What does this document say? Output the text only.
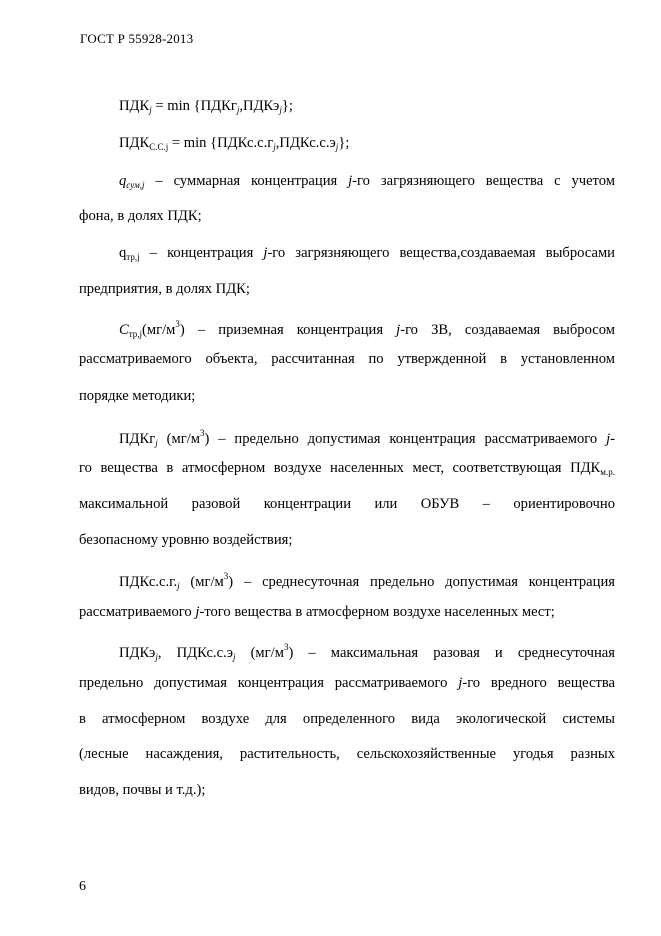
ГОСТ Р 55928-2013
$ПДК_j = \min$ {ПДКг$_j$,ПДКэ$_j$};
$ПДК_{С.С.j} = \min$ $\{ПДКс.с.г_j,ПДКс.с.э_j\}$;
$q_{сум,j}$ – суммарная концентрация j-го загрязняющего вещества с учетом
фона, в долях ПДК;
$q_{тр,j}$ – концентрация j-го загрязняющего вещества,создаваемая выбросами
предприятия, в долях ПДК;
$C_{тр,j}(мг/м^3)$ – приземная концентрация j-го ЗВ, создаваемая выбросом
рассматриваемого объекта, рассчитанная по утвержденной в установленном
порядке методики;
ПДКг$_j$ $(мг/м^3)$ – предельно допустимая концентрация рассматриваемого j-
го вещества в атмосферном воздухе населенных мест, соответствующая $ПДК_{м.р.}$
максимальной разовой концентрации или ОБУВ – ориентировочно
безопасному уровню воздействия;
$ПДКс.с.г._j$ $(мг/м^3)$ – среднесуточная предельно допустимая концентрация
рассматриваемого j-того вещества в атмосферном воздухе населенных мест;
ПДКэ$_j$, $ПДКс.с.э_j$ $(мг/м^3)$ – максимальная разовая и среднесуточная
предельно допустимая концентрация рассматриваемого j-го вредного вещества
в атмосферном воздухе для определенного вида экологической системы
(лесные насаждения, растительность, сельскохозяйственные угодья разных
видов, почвы и т.д.);
6
